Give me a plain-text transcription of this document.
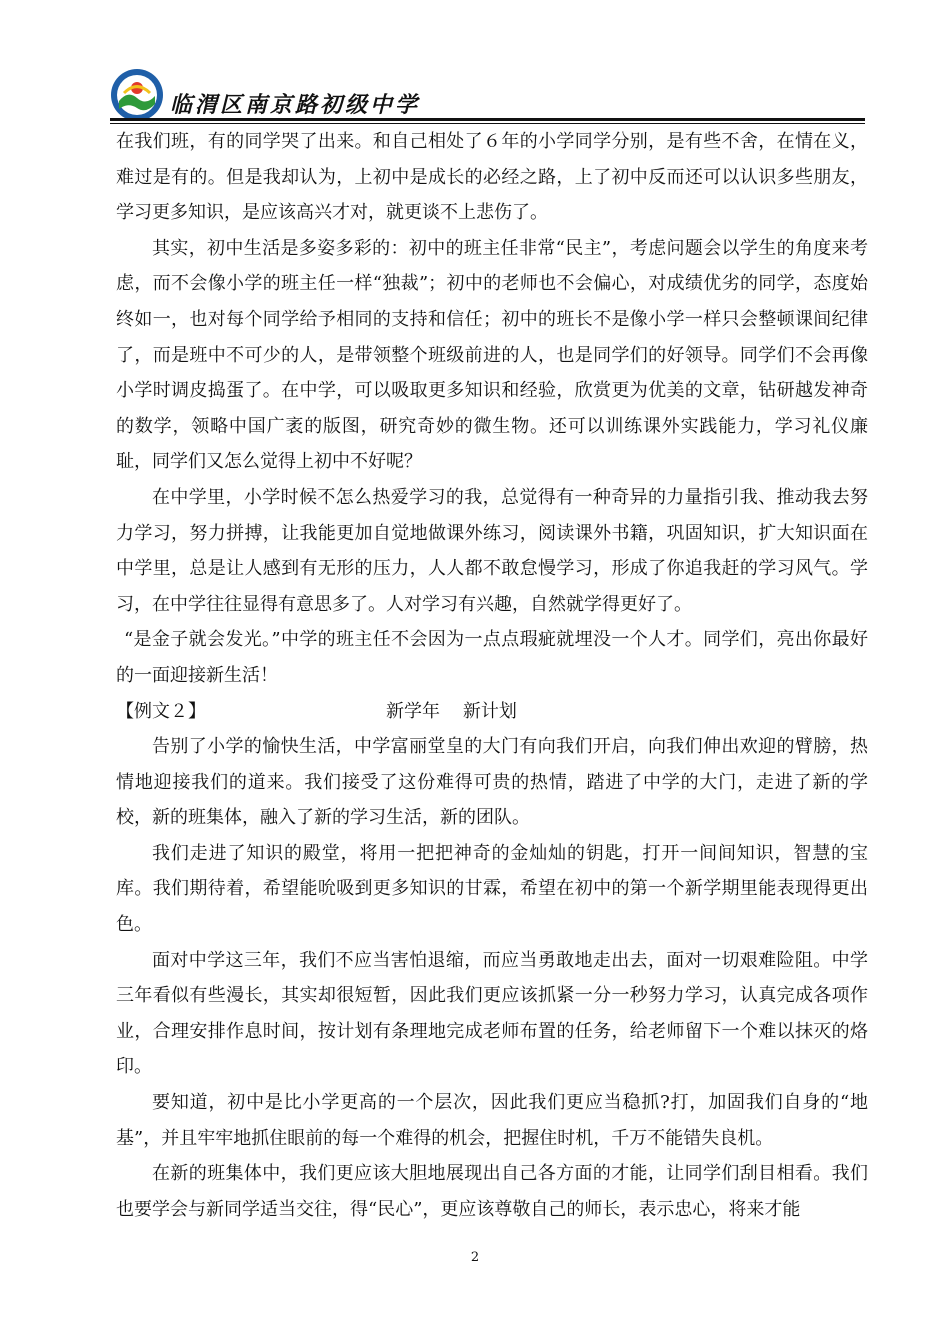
临渭区南京路初级中学

在我们班，有的同学哭了出来。和自己相处了６年的小学同学分别，是有些不舍，在情在义，难过是有的。但是我却认为，上初中是成长的必经之路，上了初中反而还可以认识多些朋友，学习更多知识，是应该高兴才对，就更谈不上悲伤了。

其实，初中生活是多姿多彩的：初中的班主任非常“民主”，考虑问题会以学生的角度来考虑，而不会像小学的班主任一样“独裁”；初中的老师也不会偏心，对成绩优劣的同学，态度始终如一，也对每个同学给予相同的支持和信任；初中的班长不是像小学一样只会整顿课间纪律了，而是班中不可少的人，是带领整个班级前进的人，也是同学们的好领导。同学们不会再像小学时调皮捣蛋了。在中学，可以吸取更多知识和经验，欣赏更为优美的文章，钻研越发神奇的数学，领略中国广袤的版图，研究奇妙的微生物。还可以训练课外实践能力，学习礼仪廉耻，同学们又怎么觉得上初中不好呢？

在中学里，小学时候不怎么热爱学习的我，总觉得有一种奇异的力量指引我、推动我去努力学习，努力拼搏，让我能更加自觉地做课外练习，阅读课外书籍，巩固知识，扩大知识面在中学里，总是让人感到有无形的压力，人人都不敢怠慢学习，形成了你追我赶的学习风气。学习，在中学往往显得有意思多了。人对学习有兴趣，自然就学得更好了。

“是金子就会发光。”中学的班主任不会因为一点点瑕疵就埋没一个人才。同学们，亮出你最好的一面迎接新生活！

【例文２】	新学年    新计划

告别了小学的愉快生活，中学富丽堂皇的大门有向我们开启，向我们伸出欢迎的臂膀，热情地迎接我们的道来。我们接受了这份难得可贵的热情，踏进了中学的大门，走进了新的学校，新的班集体，融入了新的学习生活，新的团队。

我们走进了知识的殿堂，将用一把把神奇的金灿灿的钥匙，打开一间间知识，智慧的宝库。我们期待着，希望能吮吸到更多知识的甘霖，希望在初中的第一个新学期里能表现得更出色。

面对中学这三年，我们不应当害怕退缩，而应当勇敢地走出去，面对一切艰难险阻。中学三年看似有些漫长，其实却很短暂，因此我们更应该抓紧一分一秒努力学习，认真完成各项作业，合理安排作息时间，按计划有条理地完成老师布置的任务，给老师留下一个难以抹灭的烙印。

要知道，初中是比小学更高的一个层次，因此我们更应当稳抓?打，加固我们自身的“地基”，并且牢牢地抓住眼前的每一个难得的机会，把握住时机，千万不能错失良机。

在新的班集体中，我们更应该大胆地展现出自己各方面的才能，让同学们刮目相看。我们也要学会与新同学适当交往，得“民心”，更应该尊敬自己的师长，表示忠心，将来才能

2
